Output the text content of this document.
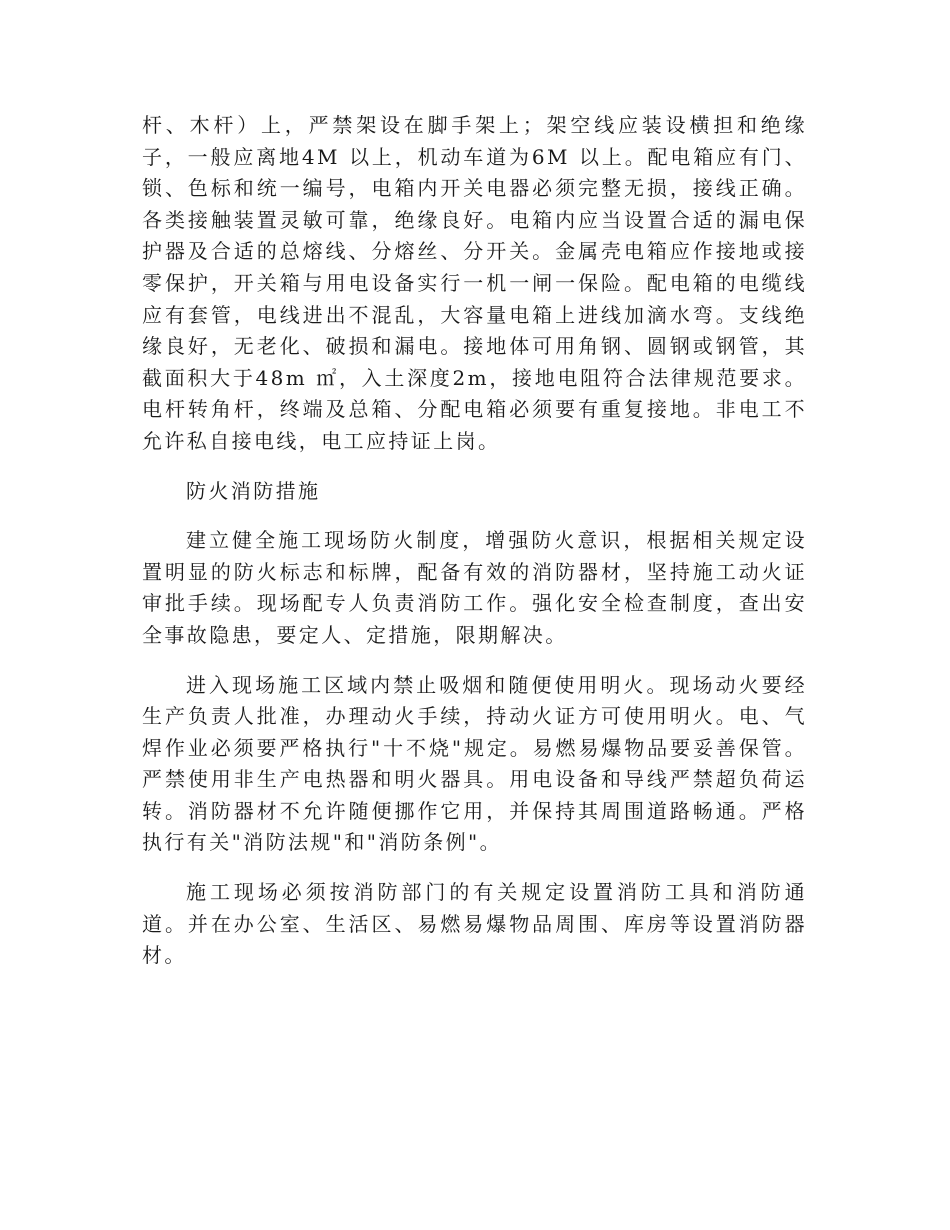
杆、木杆）上，严禁架设在脚手架上；架空线应装设横担和绝缘子，一般应离地4M 以上，机动车道为6M 以上。配电箱应有门、锁、色标和统一编号，电箱内开关电器必须完整无损，接线正确。各类接触装置灵敏可靠，绝缘良好。电箱内应当设置合适的漏电保护器及合适的总熔线、分熔丝、分开关。金属壳电箱应作接地或接零保护，开关箱与用电设备实行一机一闸一保险。配电箱的电缆线应有套管，电线进出不混乱，大容量电箱上进线加滴水弯。支线绝缘良好，无老化、破损和漏电。接地体可用角钢、圆钢或钢管，其截面积大于48m ㎡，入土深度2m，接地电阻符合法律规范要求。电杆转角杆，终端及总箱、分配电箱必须要有重复接地。非电工不允许私自接电线，电工应持证上岗。

防火消防措施

建立健全施工现场防火制度，增强防火意识，根据相关规定设置明显的防火标志和标牌，配备有效的消防器材，坚持施工动火证审批手续。现场配专人负责消防工作。强化安全检查制度，查出安全事故隐患，要定人、定措施，限期解决。

进入现场施工区域内禁止吸烟和随便使用明火。现场动火要经生产负责人批准，办理动火手续，持动火证方可使用明火。电、气焊作业必须要严格执行"十不烧"规定。易燃易爆物品要妥善保管。严禁使用非生产电热器和明火器具。用电设备和导线严禁超负荷运转。消防器材不允许随便挪作它用，并保持其周围道路畅通。严格执行有关"消防法规"和"消防条例"。

施工现场必须按消防部门的有关规定设置消防工具和消防通道。并在办公室、生活区、易燃易爆物品周围、库房等设置消防器材。
